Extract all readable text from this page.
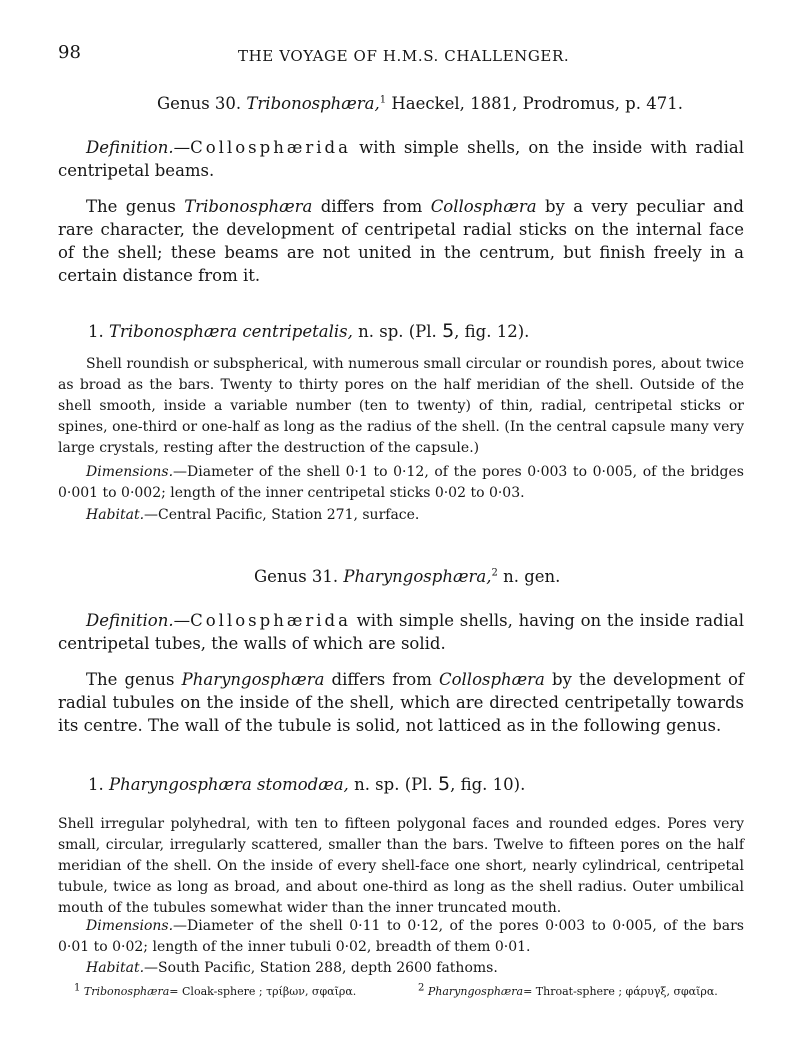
98	THE VOYAGE OF H.M.S. CHALLENGER.
Genus 30. Tribonosphæra,$^1$ Haeckel, 1881, Prodromus, p. 471.
Definition.—Collosphærida with simple shells, on the inside with radial centripetal beams.
The genus Tribonosphæra differs from Collosphæra by a very peculiar and rare character, the development of centripetal radial sticks on the internal face of the shell; these beams are not united in the centrum, but finish freely in a certain distance from it.
1. Tribonosphæra centripetalis, n. sp. (Pl. 5, fig. 12).
Shell roundish or subspherical, with numerous small circular or roundish pores, about twice as broad as the bars. Twenty to thirty pores on the half meridian of the shell. Outside of the shell smooth, inside a variable number (ten to twenty) of thin, radial, centripetal sticks or spines, one-third or one-half as long as the radius of the shell. (In the central capsule many very large crystals, resting after the destruction of the capsule.)
Dimensions.—Diameter of the shell 0·1 to 0·12, of the pores 0·003 to 0·005, of the bridges 0·001 to 0·002; length of the inner centripetal sticks 0·02 to 0·03.
Habitat.—Central Pacific, Station 271, surface.
Genus 31. Pharyngosphæra,$^2$ n. gen.
Definition.—Collosphærida with simple shells, having on the inside radial centripetal tubes, the walls of which are solid.
The genus Pharyngosphæra differs from Collosphæra by the development of radial tubules on the inside of the shell, which are directed centripetally towards its centre. The wall of the tubule is solid, not latticed as in the following genus.
1. Pharyngosphæra stomodæa, n. sp. (Pl. 5, fig. 10).
Shell irregular polyhedral, with ten to fifteen polygonal faces and rounded edges. Pores very small, circular, irregularly scattered, smaller than the bars. Twelve to fifteen pores on the half meridian of the shell. On the inside of every shell-face one short, nearly cylindrical, centripetal tubule, twice as long as broad, and about one-third as long as the shell radius. Outer umbilical mouth of the tubules somewhat wider than the inner truncated mouth.
Dimensions.—Diameter of the shell 0·11 to 0·12, of the pores 0·003 to 0·005, of the bars 0·01 to 0·02; length of the inner tubuli 0·02, breadth of them 0·01.
Habitat.—South Pacific, Station 288, depth 2600 fathoms.
$^1$ Tribonosphæra= Cloak-sphere ; τρίβων, σφαῖρα.	$^2$ Pharyngosphæra= Throat-sphere ; φάρυγξ, σφαῖρα.
